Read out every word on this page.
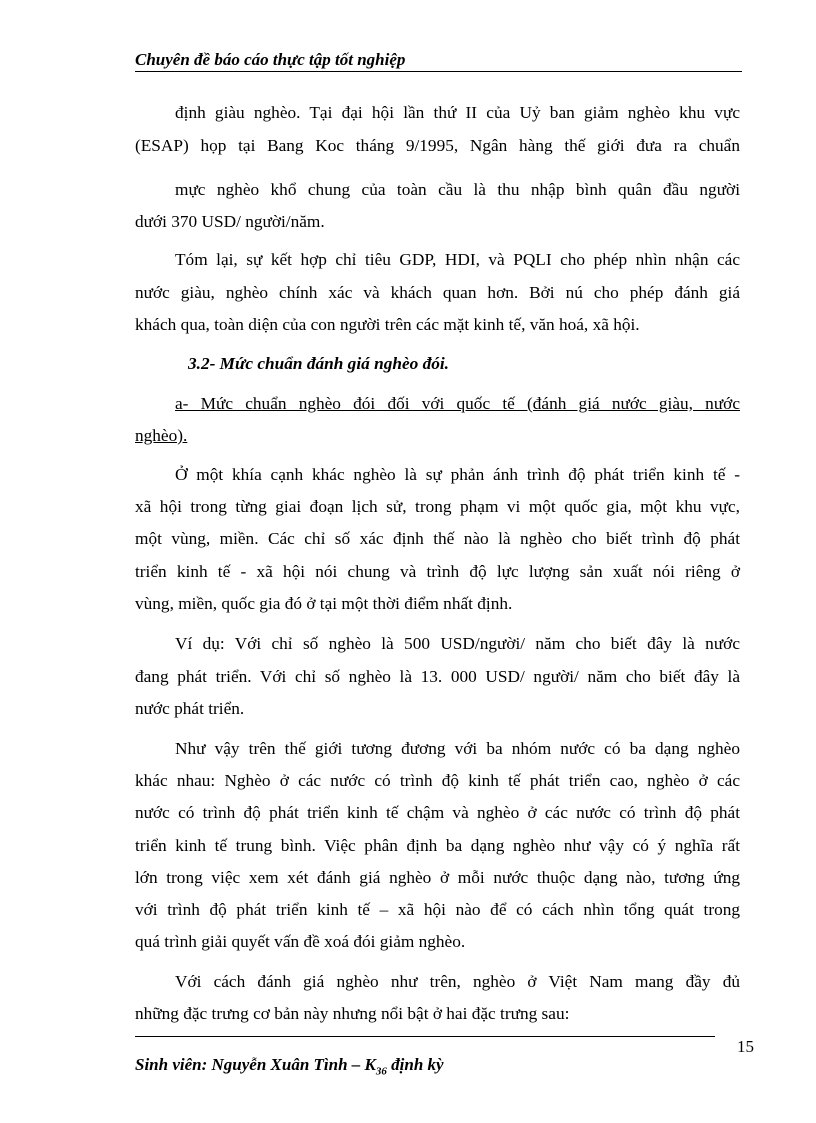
Chuyên đề báo cáo thực tập tốt nghiệp
định giàu nghèo. Tại đại hội lần thứ II của Uỷ ban giảm nghèo khu vực
(ESAP) họp tại Bang Koc tháng 9/1995, Ngân hàng thế giới đưa ra chuẩn
mực nghèo khổ chung của toàn cầu là thu nhập bình quân đầu người
dưới 370 USD/ người/năm.
Tóm lại, sự kết hợp chỉ tiêu GDP, HDI, và PQLI cho phép nhìn nhận các
nước giàu, nghèo chính xác và khách quan hơn. Bởi nú cho phép đánh giá
khách qua, toàn diện của con người trên các mặt kinh tế, văn hoá, xã hội.
3.2- Mức chuẩn đánh giá nghèo đói.
a- Mức chuẩn nghèo đói đối với quốc tế (đánh giá nước giàu, nước
nghèo).
Ở một khía cạnh khác nghèo là sự phản ánh trình độ phát triển kinh tế -
xã hội trong từng giai đoạn lịch sử, trong phạm vi một quốc gia, một khu vực,
một vùng, miền. Các chỉ số xác định thế nào là nghèo cho biết trình độ phát
triển kinh tế - xã hội nói chung và trình độ lực lượng sản xuất nói riêng ở
vùng, miền, quốc gia đó ở tại một thời điểm nhất định.
Ví dụ: Với chỉ số nghèo là 500 USD/người/ năm cho biết đây là nước
đang phát triển. Với chỉ số nghèo là 13. 000 USD/ người/ năm cho biết đây là
nước phát triển.
Như vậy trên thế giới tương đương với ba nhóm nước có ba dạng nghèo
khác nhau: Nghèo ở các nước có trình độ kinh tế phát triển cao, nghèo ở các
nước có trình độ phát triển kinh tế chậm và nghèo ở các nước có trình độ phát
triển kinh tế trung bình. Việc phân định ba dạng nghèo như vậy có ý nghĩa rất
lớn trong việc xem xét đánh giá nghèo ở mỗi nước thuộc dạng nào, tương ứng
với trình độ phát triển kinh tế – xã hội nào để có cách nhìn tổng quát trong
quá trình giải quyết vấn đề xoá đói giảm nghèo.
Với cách đánh giá nghèo như trên, nghèo ở Việt Nam mang đầy đủ
những đặc trưng cơ bản này nhưng nổi bật ở hai đặc trưng sau:
15
Sinh viên: Nguyễn Xuân Tình – $K_{36}$ định kỳ
